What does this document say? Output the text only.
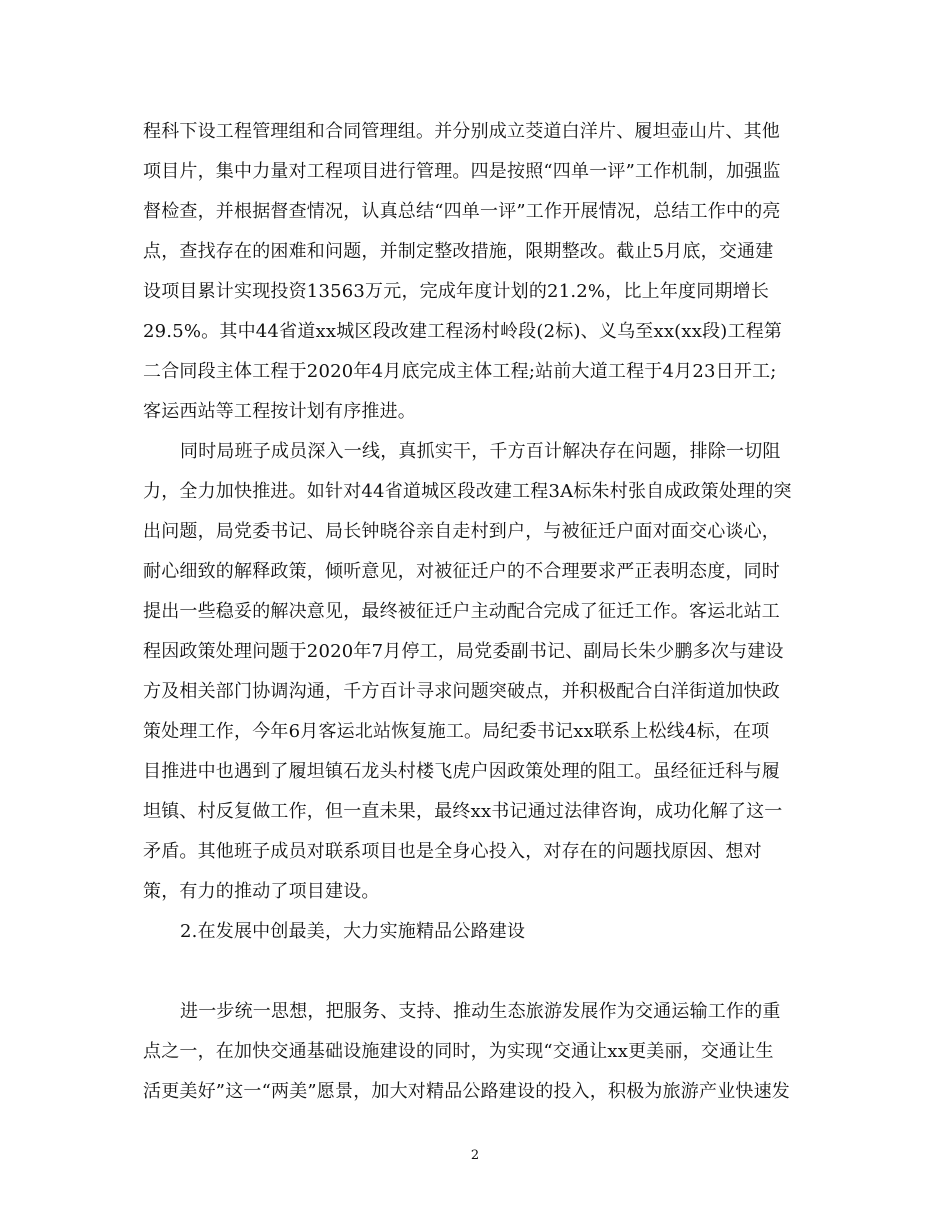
程科下设工程管理组和合同管理组。并分别成立茭道白洋片、履坦壶山片、其他

项目片，集中力量对工程项目进行管理。四是按照“四单一评”工作机制，加强监

督检查，并根据督查情况，认真总结“四单一评”工作开展情况，总结工作中的亮

点，查找存在的困难和问题，并制定整改措施，限期整改。截止5月底，交通建

设项目累计实现投资13563万元，完成年度计划的21.2%，比上年度同期增长

29.5%。其中44省道xx城区段改建工程汤村岭段(2标)、义乌至xx(xx段)工程第

二合同段主体工程于2020年4月底完成主体工程;站前大道工程于4月23日开工;

客运西站等工程按计划有序推进。

同时局班子成员深入一线，真抓实干，千方百计解决存在问题，排除一切阻

力，全力加快推进。如针对44省道城区段改建工程3A标朱村张自成政策处理的突

出问题，局党委书记、局长钟晓谷亲自走村到户，与被征迁户面对面交心谈心，

耐心细致的解释政策，倾听意见，对被征迁户的不合理要求严正表明态度，同时

提出一些稳妥的解决意见，最终被征迁户主动配合完成了征迁工作。客运北站工

程因政策处理问题于2020年7月停工，局党委副书记、副局长朱少鹏多次与建设

方及相关部门协调沟通，千方百计寻求问题突破点，并积极配合白洋街道加快政

策处理工作，今年6月客运北站恢复施工。局纪委书记xx联系上松线4标，在项

目推进中也遇到了履坦镇石龙头村楼飞虎户因政策处理的阻工。虽经征迁科与履

坦镇、村反复做工作，但一直未果，最终xx书记通过法律咨询，成功化解了这一

矛盾。其他班子成员对联系项目也是全身心投入，对存在的问题找原因、想对

策，有力的推动了项目建设。

2.在发展中创最美，大力实施精品公路建设

进一步统一思想，把服务、支持、推动生态旅游发展作为交通运输工作的重

点之一，在加快交通基础设施建设的同时，为实现“交通让xx更美丽，交通让生

活更美好”这一“两美”愿景，加大对精品公路建设的投入，积极为旅游产业快速发

2
